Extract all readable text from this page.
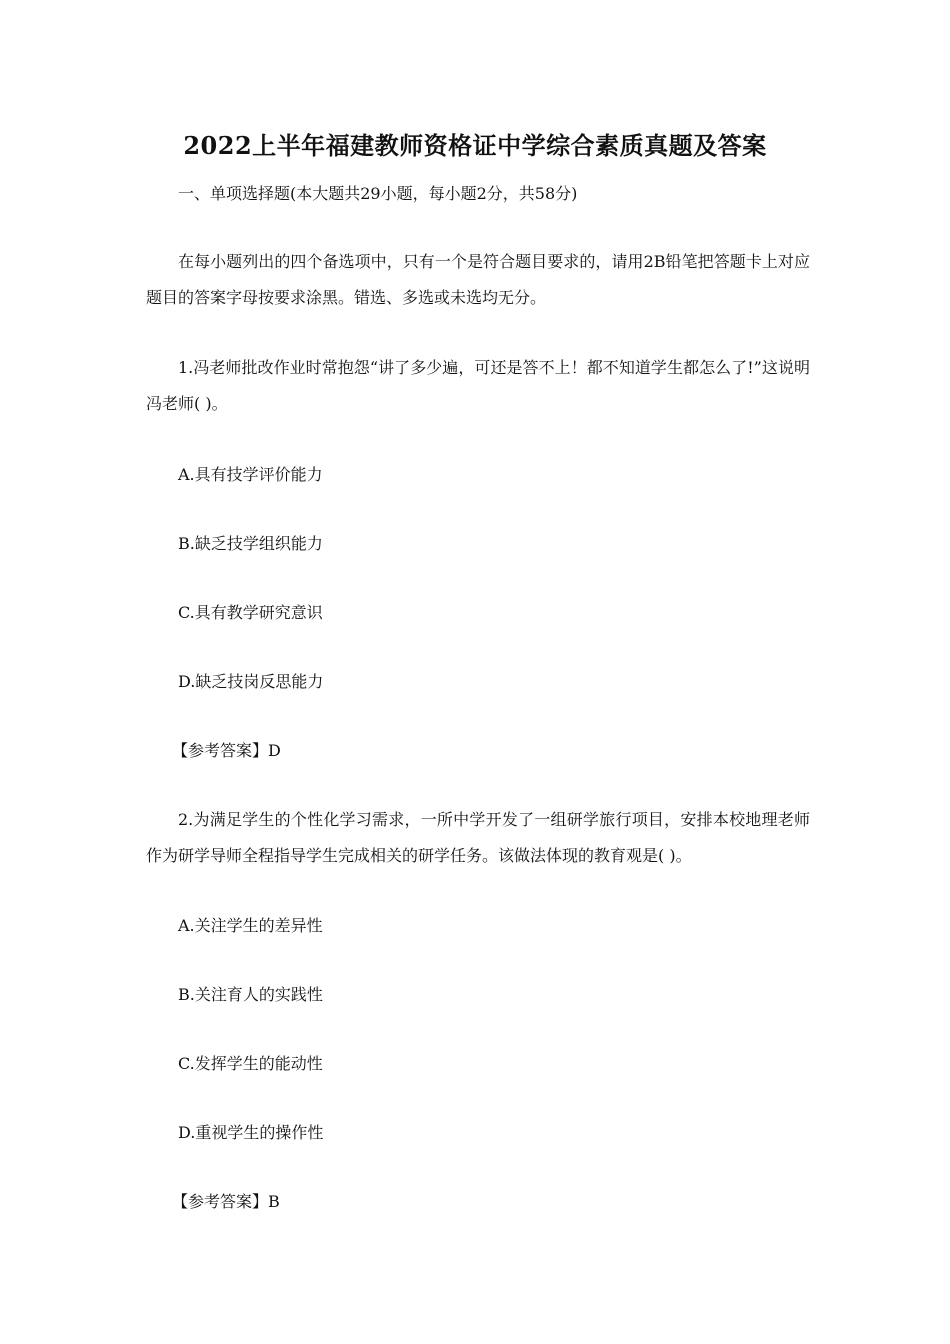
2022上半年福建教师资格证中学综合素质真题及答案
一、单项选择题(本大题共29小题，每小题2分，共58分)
在每小题列出的四个备选项中，只有一个是符合题目要求的，请用2B铅笔把答题卡上对应题目的答案字母按要求涂黑。错选、多选或未选均无分。
1.冯老师批改作业时常抱怨“讲了多少遍，可还是答不上！都不知道学生都怎么了!”这说明冯老师( )。
A.具有技学评价能力
B.缺乏技学组织能力
C.具有教学研究意识
D.缺乏技岗反思能力
【参考答案】D
2.为满足学生的个性化学习需求，一所中学开发了一组研学旅行项目，安排本校地理老师作为研学导师全程指导学生完成相关的研学任务。该做法体现的教育观是( )。
A.关注学生的差异性
B.关注育人的实践性
C.发挥学生的能动性
D.重视学生的操作性
【参考答案】B
